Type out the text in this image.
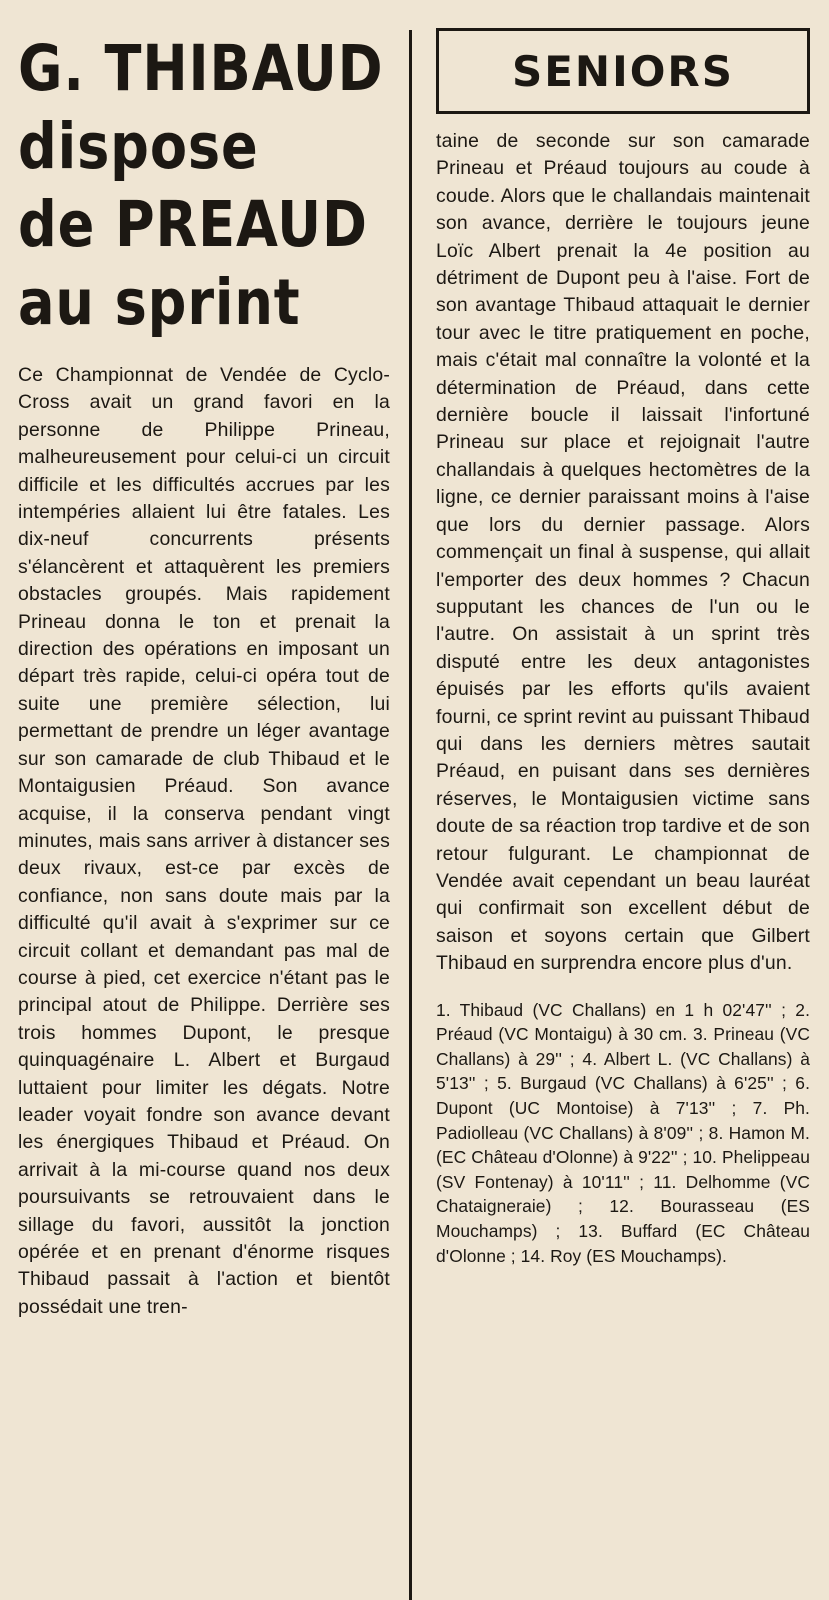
G. THIBAUD
dispose
de PREAUD
au sprint

Ce Championnat de Vendée de Cyclo-Cross avait un grand favori en la personne de Philippe Prineau, malheureusement pour celui-ci un circuit difficile et les difficultés accrues par les intempéries allaient lui être fatales. Les dix-neuf concurrents présents s'élancèrent et attaquèrent les premiers obstacles groupés. Mais rapidement Prineau donna le ton et prenait la direction des opérations en imposant un départ très rapide, celui-ci opéra tout de suite une première sélection, lui permettant de prendre un léger avantage sur son camarade de club Thibaud et le Montaigusien Préaud. Son avance acquise, il la conserva pendant vingt minutes, mais sans arriver à distancer ses deux rivaux, est-ce par excès de confiance, non sans doute mais par la difficulté qu'il avait à s'exprimer sur ce circuit collant et demandant pas mal de course à pied, cet exercice n'étant pas le principal atout de Philippe. Derrière ses trois hommes Dupont, le presque quinquagénaire L. Albert et Burgaud luttaient pour limiter les dégats. Notre leader voyait fondre son avance devant les énergiques Thibaud et Préaud. On arrivait à la mi-course quand nos deux poursuivants se retrouvaient dans le sillage du favori, aussitôt la jonction opérée et en prenant d'énorme risques Thibaud passait à l'action et bientôt possédait une tren-

SENIORS

taine de seconde sur son camarade Prineau et Préaud toujours au coude à coude. Alors que le challandais maintenait son avance, derrière le toujours jeune Loïc Albert prenait la 4e position au détriment de Dupont peu à l'aise. Fort de son avantage Thibaud attaquait le dernier tour avec le titre pratiquement en poche, mais c'était mal connaître la volonté et la détermination de Préaud, dans cette dernière boucle il laissait l'infortuné Prineau sur place et rejoignait l'autre challandais à quelques hectomètres de la ligne, ce dernier paraissant moins à l'aise que lors du dernier passage. Alors commençait un final à suspense, qui allait l'emporter des deux hommes ? Chacun supputant les chances de l'un ou le l'autre. On assistait à un sprint très disputé entre les deux antagonistes épuisés par les efforts qu'ils avaient fourni, ce sprint revint au puissant Thibaud qui dans les derniers mètres sautait Préaud, en puisant dans ses dernières réserves, le Montaigusien victime sans doute de sa réaction trop tardive et de son retour fulgurant. Le championnat de Vendée avait cependant un beau lauréat qui confirmait son excellent début de saison et soyons certain que Gilbert Thibaud en surprendra encore plus d'un.

1. Thibaud (VC Challans) en 1 h 02'47'' ; 2. Préaud (VC Montaigu) à 30 cm. 3. Prineau (VC Challans) à 29'' ; 4. Albert L. (VC Challans) à 5'13'' ; 5. Burgaud (VC Challans) à 6'25'' ; 6. Dupont (UC Montoise) à 7'13'' ; 7. Ph. Padiolleau (VC Challans) à 8'09'' ; 8. Hamon M. (EC Château d'Olonne) à 9'22'' ; 10. Phelippeau (SV Fontenay) à 10'11'' ; 11. Delhomme (VC Chataigneraie) ; 12. Bourasseau (ES Mouchamps) ; 13. Buffard (EC Château d'Olonne ; 14. Roy (ES Mouchamps).
